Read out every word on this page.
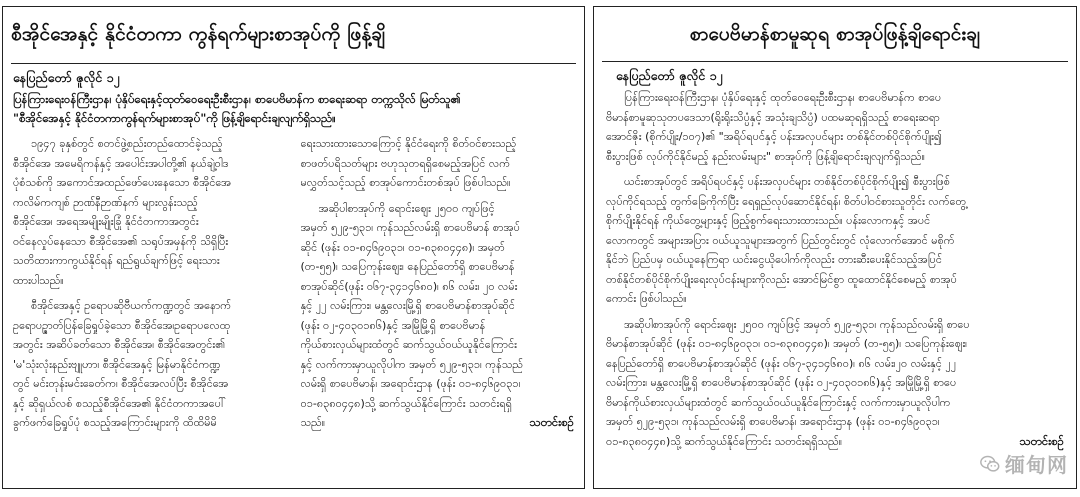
စီအိုင်အေနှင့် နိုင်ငံတကာ ကွန်ရက်များစာအုပ်ကို ဖြန့်ချိ
နေပြည်တော် ဇူလိုင် ၁၂
ပြန်ကြားရေးဝန်ကြီးဌာန၊ ပုံနှိပ်ရေးနှင့်ထုတ်ဝေရေးဦးစီးဌာန၊ စာပေဗိမာန်က စာရေးဆရာ တက္ကသိုလ် မြတ်သူ၏
"စီအိုင်အေနှင့် နိုင်ငံတကာကွန်ရက်များစာအုပ်"ကို ဖြန့်ချိရောင်းချလျက်ရှိသည်။

၁၉၄၇ ခုနှစ်တွင် စတင်ဖွဲ့စည်းတည်ထောင်ခဲ့သည့်
စီအိုင်အေ အမေရိကန်နှင့် အပေါင်းအပါတို့၏ နယ်ချဲ့ဝါဒ
ပုံစံသစ်ကို အကောင်အထည်ဖော်ပေးနေသော စီအိုင်အေ
ကလိမ်ကကျစ် ဉာဏ်နီဉာဏ်နက် များလွန်းသည့်
စီအိုင်အေ၊ အရေအမျိုးမျိုးခြုံ နိုင်ငံတကာအတွင်း
ဝင်နေလှုပ်နေသော စီအိုင်အေ၏ သရုပ်အမှန်ကို သိရှိပြီး
သတိထားကာကွယ်နိုင်ရန် ရည်ရွယ်ချက်ဖြင့် ရေးသား
ထားပါသည်။

စီအိုင်အေနှင့် ဥရောပဆိုဗီယက်ကဏ္ဍတွင် အနောက်
ဥရောပဥ္ဇာတ်ပြန်ခြေရှုပ်ခဲ့သော စီအိုင်အေ၊ဥရောပလေထု
အတွင်း အဆိပ်ခတ်သော စီအိုင်အေ၊ စီအိုင်အေတွင်း၏
'မ'သုံးလုံးနည်းဗျူဟာ၊ စီအိုင်အေနှင့် မြန်မာနိုင်ငံကဏ္ဍ
တွင် မင်းတုန်းမင်းခေတ်က၊ စီအိုင်အေလပ်ပြီး စီအိုင်အေ
နှင့် ဆိုရှယ်လစ် စသည့်စီအိုင်အေ၏ နိုင်ငံတကာအပေါ်
ခွက်ဖက်ခြေရှုပ်ပုံ စသည့်အကြောင်းများကို ထိထိမိမိ

ရေးသားထားသောကြောင့် နိုင်ငံရေးကို စိတ်ဝင်စားသည့်
စာဖတ်ပရိသတ်များ ဗဟုသုတရရှိစေမည့်အပြင် လက်
မလွှတ်သင့်သည့် စာအုပ်ကောင်းတစ်အုပ် ဖြစ်ပါသည်။

အဆိုပါစာအုပ်ကို ရောင်းဈေး ၂၅၀၀ ကျပ်ဖြင့်
အမှတ် ၅၂၉-၅၃၁၊ ကုန်သည်လမ်းရှိ စာပေဗိမာန် စာအုပ်
ဆိုင် (ဖုန်း ၀၁-၈၄၆၉၀၃၁၊ ၀၁-၈၃၈၀၄၄၈)၊ အမှတ်
(တ-၅၅)၊ သပြေကုန်းဈေး၊ နေပြည်တော်ရှိ စာပေဗိမာန်
စာအုပ်ဆိုင်(ဖုန်း ၀၆၇-၃၄၁၄၆၈၀)၊ ၈၆ လမ်း၊ ၂၀ လမ်း
နှင့် ၂၂ လမ်းကြား၊ မန္တလေးမြို့ရှိ စာပေဗိမာန်စာအုပ်ဆိုင်
(ဖုန်း ၀၂-၄၀၃၀၁၈၆)နှင့် အမြိုမြို့ရှိ စာပေဗိမာန်
ကိုယ်စားလှယ်များထံတွင် ဆက်သွယ်ဝယ်ယူနိုင်ကြောင်း
နှင့် လက်ကားမှာယူလိုပါက အမှတ် ၅၂၉-၅၃၁၊ ကုန်သည်
လမ်းရှိ စာပေဗိမာန်၊ အရောင်းဌာန (ဖုန်း ၀၁-၈၄၆၉၀၃၁၊
၀၁-၈၃၈၀၄၄၈)သို့ ဆက်သွယ်နိုင်ကြောင်း သတင်းရရှိ
သည်။	သတင်းစဉ်

စာပေဗိမာန်စာမူဆုရ စာအုပ်ဖြန့်ချိရောင်းချ
နေပြည်တော် ဇူလိုင် ၁၂

ပြန်ကြားရေးဝန်ကြီးဌာန၊ ပုံနှိပ်ရေးနှင့် ထုတ်ဝေရေးဦးစီးဌာန၊ စာပေဗိမာန်က စာပေ
ဗိမာန်စာမူဆုသုတပဒေသာ(ရိုးရိုးသိပ္ပံနှင့် အသုံးချသိပ္ပံ) ပထမဆုရရှိသည့် စာရေးဆရာ
အောင်ဇိုး (စိုက်ပျိုး/၁၀၇)၏ "အရိပ်ရပင်နှင့် ပန်းအလှပင်များ တစ်နိုင်တစ်ပိုင်စိုက်ပျိုး၍
စီးပွားဖြစ် လုပ်ကိုင်နိုင်မည့် နည်းလမ်းများ" စာအုပ်ကို ဖြန့်ချိရောင်းချလျက်ရှိသည်။

ယင်းစာအုပ်တွင် အရိပ်ရပင်နှင့် ပန်းအလှပင်များ တစ်နိုင်တစ်ပိုင်စိုက်ပျိုး၍ စီးပွားဖြစ်
လုပ်ကိုင်ရသည့် တွက်ခြေကိုက်ပြီး ရေရှည်လုပ်ဆောင်နိုင်ရန်၊ စိတ်ပါဝင်စားသူတိုင်း လက်တွေ့
စိုက်ပျိုးနိုင်ရန် ကိုယ်တွေ့များနှင့် ဖြည့်စွက်ရေးသားထားသည်။ ပန်းလောကနှင့် အပင်
လောကတွင် အများအပြား ဝယ်ယူသူများအတွက် ပြည်တွင်းတွင် လုံလောက်အောင် မစိုက်
နိုင်ဘဲ ပြည်ပမှ ဝယ်ယူနေကြရာ ယင်းငွေယိုပေါက်ကိုလည်း တားဆီးပေးနိုင်သည့်အပြင်
တစ်နိုင်တစ်ပိုင်စိုက်ပျိုးရေးလုပ်ငန်းများကိုလည်း အောင်မြင်စွာ ထူထောင်နိုင်စေမည့် စာအုပ်
ကောင်း ဖြစ်ပါသည်။

အဆိုပါစာအုပ်ကို ရောင်းဈေး ၂၅၀၀ ကျပ်ဖြင့် အမှတ် ၅၂၉-၅၃၁၊ ကုန်သည်လမ်းရှိ စာပေ
ဗိမာန်စာအုပ်ဆိုင် (ဖုန်း ၀၁-၈၄၆၉၀၃၁၊ ၀၁-၈၃၈၀၄၄၈)၊ အမှတ် (တ-၅၅)၊ သပြေကုန်းဈေး၊
နေပြည်တော်ရှိ စာပေဗိမာန်စာအုပ်ဆိုင် (ဖုန်း ၀၆၇-၃၄၁၄၆၈၀)၊ ၈၆ လမ်း၊၂၀ လမ်းနှင့် ၂၂
လမ်းကြား၊ မန္တလေးမြို့ရှိ စာပေဗိမာန်စာအုပ်ဆိုင် (ဖုန်း ၀၂-၄၀၃၀၁၈၆)နှင့် အမြိုမြို့ရှိ စာပေ
ဗိမာန်ကိုယ်စားလှယ်များထံတွင် ဆက်သွယ်ဝယ်ယူနိုင်ကြောင်းနှင့် လက်ကားမှာယူလိုပါက
အမှတ် ၅၂၉-၅၃၁၊ ကုန်သည်လမ်းရှိ စာပေဗိမာန်၊ အရောင်းဌာန (ဖုန်း ၀၁-၈၄၆၉၀၃၁၊
၀၁-၈၃၈၀၄၄၈)သို့ ဆက်သွယ်နိုင်ကြောင်း သတင်းရရှိသည်။	သတင်းစဉ်

缅甸网
